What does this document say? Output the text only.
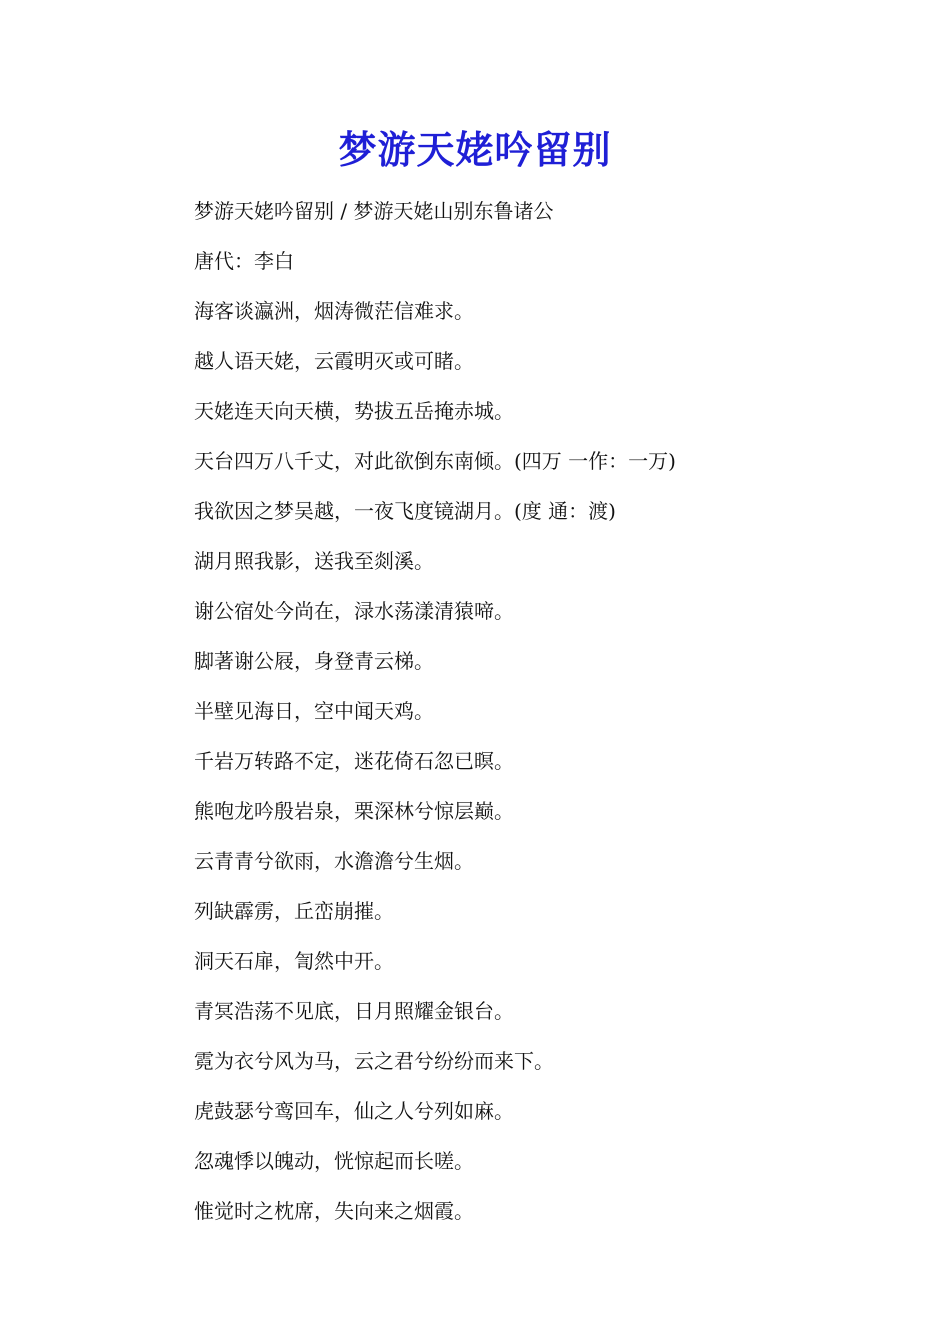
梦游天姥吟留别
梦游天姥吟留别 / 梦游天姥山别东鲁诸公
唐代：李白
海客谈瀛洲，烟涛微茫信难求。
越人语天姥，云霞明灭或可睹。
天姥连天向天横，势拔五岳掩赤城。
天台四万八千丈，对此欲倒东南倾。(四万 一作：一万)
我欲因之梦吴越，一夜飞度镜湖月。(度 通：渡)
湖月照我影，送我至剡溪。
谢公宿处今尚在，渌水荡漾清猿啼。
脚著谢公屐，身登青云梯。
半壁见海日，空中闻天鸡。
千岩万转路不定，迷花倚石忽已暝。
熊咆龙吟殷岩泉，栗深林兮惊层巅。
云青青兮欲雨，水澹澹兮生烟。
列缺霹雳，丘峦崩摧。
洞天石扉，訇然中开。
青冥浩荡不见底，日月照耀金银台。
霓为衣兮风为马，云之君兮纷纷而来下。
虎鼓瑟兮鸾回车，仙之人兮列如麻。
忽魂悸以魄动，恍惊起而长嗟。
惟觉时之枕席，失向来之烟霞。
